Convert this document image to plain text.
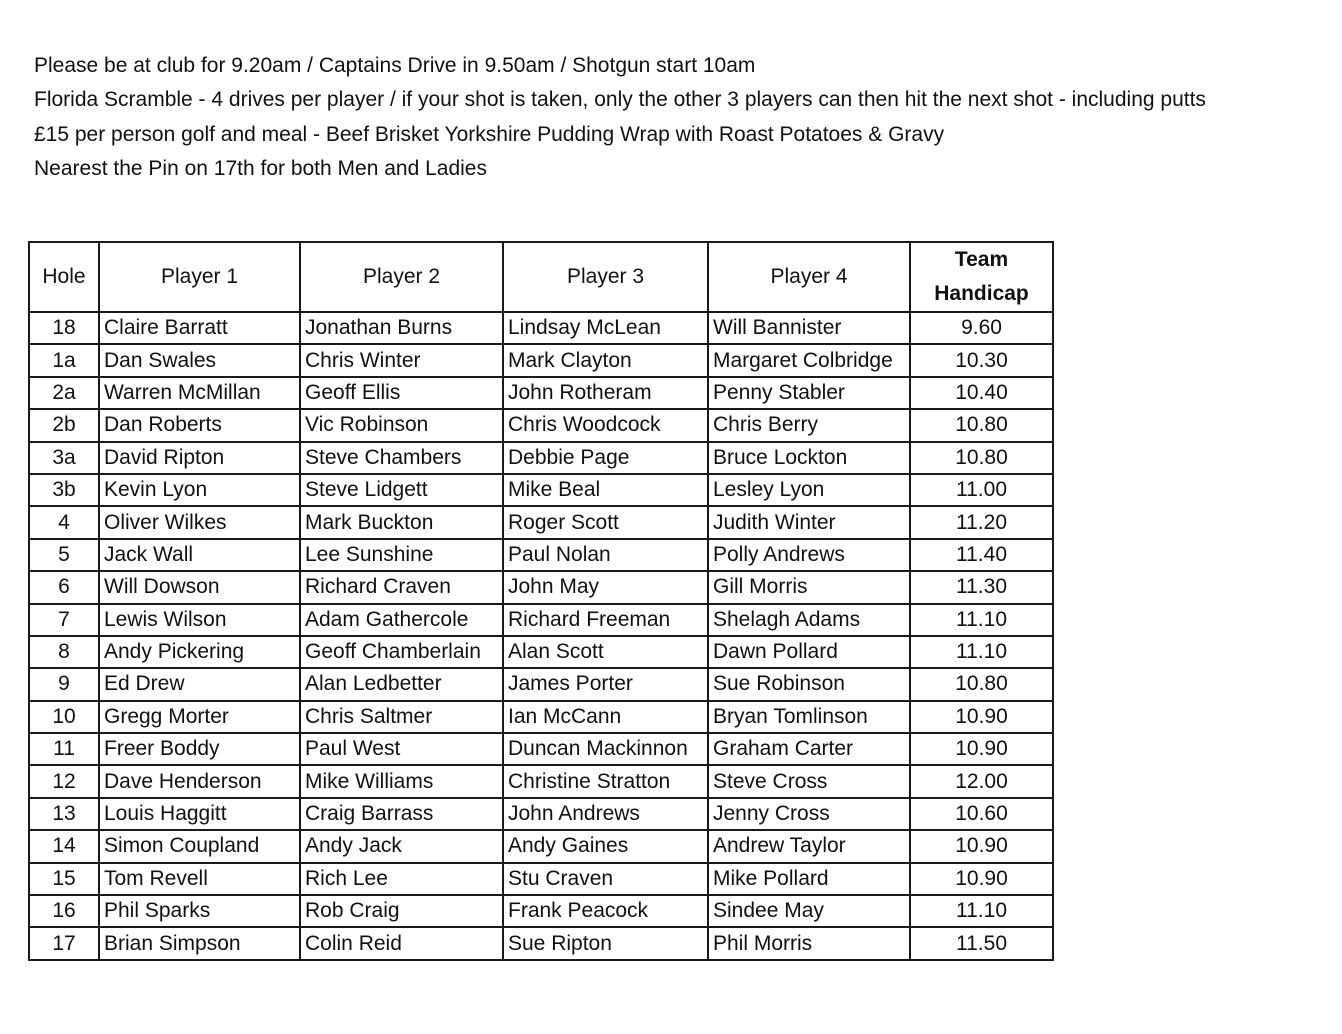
Please be at club for 9.20am / Captains Drive in 9.50am / Shotgun start 10am
Florida Scramble - 4 drives per player / if your shot is taken, only the other 3 players can then hit the next shot - including putts
£15 per person golf and meal - Beef Brisket Yorkshire Pudding Wrap with Roast Potatoes & Gravy
Nearest the Pin on 17th for both Men and Ladies
Hole	Player 1	Player 2	Player 3	Player 4	Team
Handicap

18	Claire Barratt	Jonathan Burns	Lindsay McLean	Will Bannister	9.60
1a	Dan Swales	Chris Winter	Mark Clayton	Margaret Colbridge	10.30
2a	Warren McMillan	Geoff Ellis	John Rotheram	Penny Stabler	10.40
2b	Dan Roberts	Vic Robinson	Chris Woodcock	Chris Berry	10.80
3a	David Ripton	Steve Chambers	Debbie Page	Bruce Lockton	10.80
3b	Kevin Lyon	Steve Lidgett	Mike Beal	Lesley Lyon	11.00
4	Oliver Wilkes	Mark Buckton	Roger Scott	Judith Winter	11.20
5	Jack Wall	Lee Sunshine	Paul Nolan	Polly Andrews	11.40
6	Will Dowson	Richard Craven	John May	Gill Morris	11.30
7	Lewis Wilson	Adam Gathercole	Richard Freeman	Shelagh Adams	11.10
8	Andy Pickering	Geoff Chamberlain	Alan Scott	Dawn Pollard	11.10
9	Ed Drew	Alan Ledbetter	James Porter	Sue Robinson	10.80
10	Gregg Morter	Chris Saltmer	Ian McCann	Bryan Tomlinson	10.90
11	Freer Boddy	Paul West	Duncan Mackinnon	Graham Carter	10.90
12	Dave Henderson	Mike Williams	Christine Stratton	Steve Cross	12.00
13	Louis Haggitt	Craig Barrass	John Andrews	Jenny Cross	10.60
14	Simon Coupland	Andy Jack	Andy Gaines	Andrew Taylor	10.90
15	Tom Revell	Rich Lee	Stu Craven	Mike Pollard	10.90
16	Phil Sparks	Rob Craig	Frank Peacock	Sindee May	11.10
17	Brian Simpson	Colin Reid	Sue Ripton	Phil Morris	11.50
